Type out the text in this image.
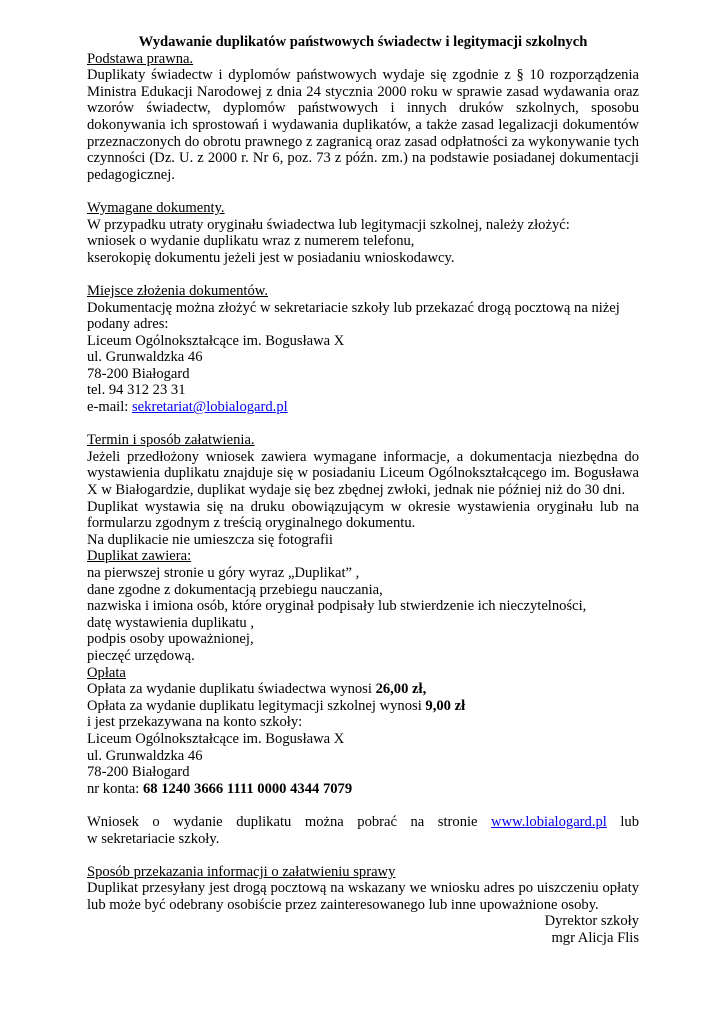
Wydawanie duplikatów państwowych świadectw i legitymacji szkolnych
Podstawa prawna.
Duplikaty świadectw i dyplomów państwowych wydaje się zgodnie z § 10 rozporządzenia Ministra Edukacji Narodowej z dnia 24 stycznia 2000 roku w sprawie zasad wydawania oraz wzorów świadectw, dyplomów państwowych i innych druków szkolnych, sposobu dokonywania ich sprostowań i wydawania duplikatów, a także zasad legalizacji dokumentów przeznaczonych do obrotu prawnego z zagranicą oraz zasad odpłatności za wykonywanie tych czynności (Dz. U. z 2000 r. Nr 6, poz. 73 z późn. zm.) na podstawie posiadanej dokumentacji pedagogicznej.
Wymagane dokumenty.
W przypadku utraty oryginału świadectwa lub legitymacji szkolnej, należy złożyć:
wniosek o wydanie duplikatu wraz z numerem telefonu,
kserokopię dokumentu jeżeli jest w posiadaniu wnioskodawcy.
Miejsce złożenia dokumentów.
Dokumentację można złożyć w sekretariacie szkoły lub przekazać drogą pocztową na niżej podany adres:
Liceum Ogólnokształcące im. Bogusława X
ul. Grunwaldzka 46
78-200 Białogard
tel. 94 312 23 31
e-mail: sekretariat@lobialogard.pl
Termin i sposób załatwienia.
Jeżeli przedłożony wniosek zawiera wymagane informacje, a dokumentacja niezbędna do wystawienia duplikatu znajduje się w posiadaniu Liceum Ogólnokształcącego im. Bogusława X w Białogardzie, duplikat wydaje się bez zbędnej zwłoki, jednak nie później niż do 30 dni.
Duplikat wystawia się na druku obowiązującym w okresie wystawienia oryginału lub na formularzu zgodnym z treścią oryginalnego dokumentu.
Na duplikacie nie umieszcza się fotografii
Duplikat zawiera:
na pierwszej stronie u góry wyraz „Duplikat” ,
dane zgodne z dokumentacją przebiegu nauczania,
nazwiska i imiona osób, które oryginał podpisały lub stwierdzenie ich nieczytelności,
datę wystawienia duplikatu ,
podpis osoby upoważnionej,
pieczęć urzędową.
Opłata
Opłata za wydanie duplikatu świadectwa wynosi 26,00 zł,
Opłata za wydanie duplikatu legitymacji szkolnej wynosi 9,00 zł
i jest przekazywana na konto szkoły:
Liceum Ogólnokształcące im. Bogusława X
ul. Grunwaldzka 46
78-200 Białogard
nr konta: 68 1240 3666 1111 0000 4344 7079
Wniosek o wydanie duplikatu można pobrać na stronie www.lobialogard.pl lub
w sekretariacie szkoły.
Sposób przekazania informacji o załatwieniu sprawy
Duplikat przesyłany jest drogą pocztową na wskazany we wniosku adres po uiszczeniu opłaty lub może być odebrany osobiście przez zainteresowanego lub inne upoważnione osoby.
Dyrektor szkoły
mgr Alicja Flis
